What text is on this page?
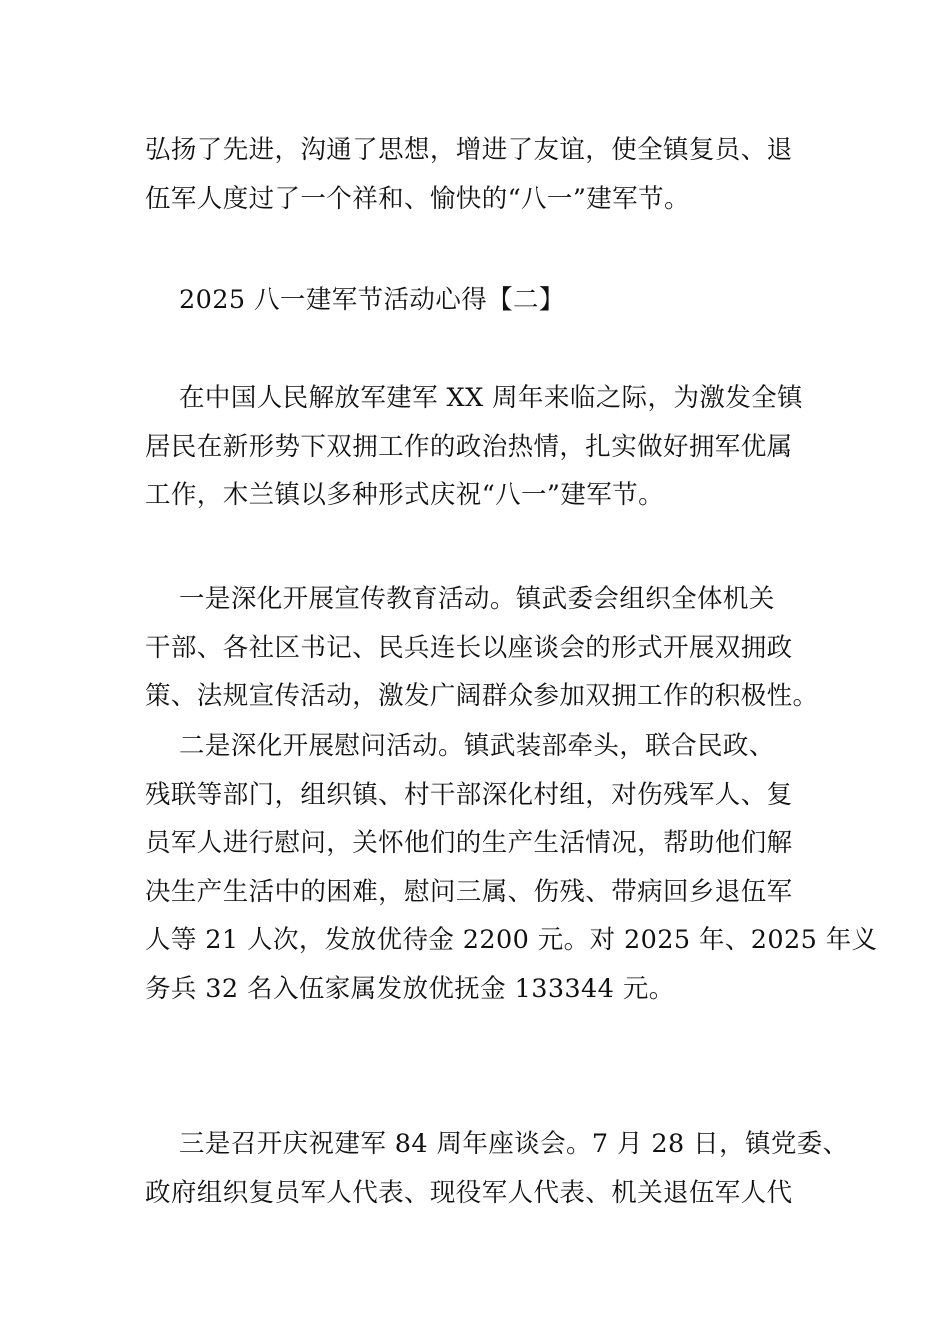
弘扬了先进，沟通了思想，增进了友谊，使全镇复员、退
伍军人度过了一个祥和、愉快的“八一”建军节。

2025 八一建军节活动心得【二】

在中国人民解放军建军 XX 周年来临之际，为激发全镇
居民在新形势下双拥工作的政治热情，扎实做好拥军优属
工作，木兰镇以多种形式庆祝“八一”建军节。

一是深化开展宣传教育活动。镇武委会组织全体机关
干部、各社区书记、民兵连长以座谈会的形式开展双拥政
策、法规宣传活动，激发广阔群众参加双拥工作的积极性。

二是深化开展慰问活动。镇武装部牵头，联合民政、
残联等部门，组织镇、村干部深化村组，对伤残军人、复
员军人进行慰问，关怀他们的生产生活情况，帮助他们解
决生产生活中的困难，慰问三属、伤残、带病回乡退伍军
人等 21 人次，发放优待金 2200 元。对 2025 年、2025 年义
务兵 32 名入伍家属发放优抚金 133344 元。

三是召开庆祝建军 84 周年座谈会。7 月 28 日，镇党委、
政府组织复员军人代表、现役军人代表、机关退伍军人代
